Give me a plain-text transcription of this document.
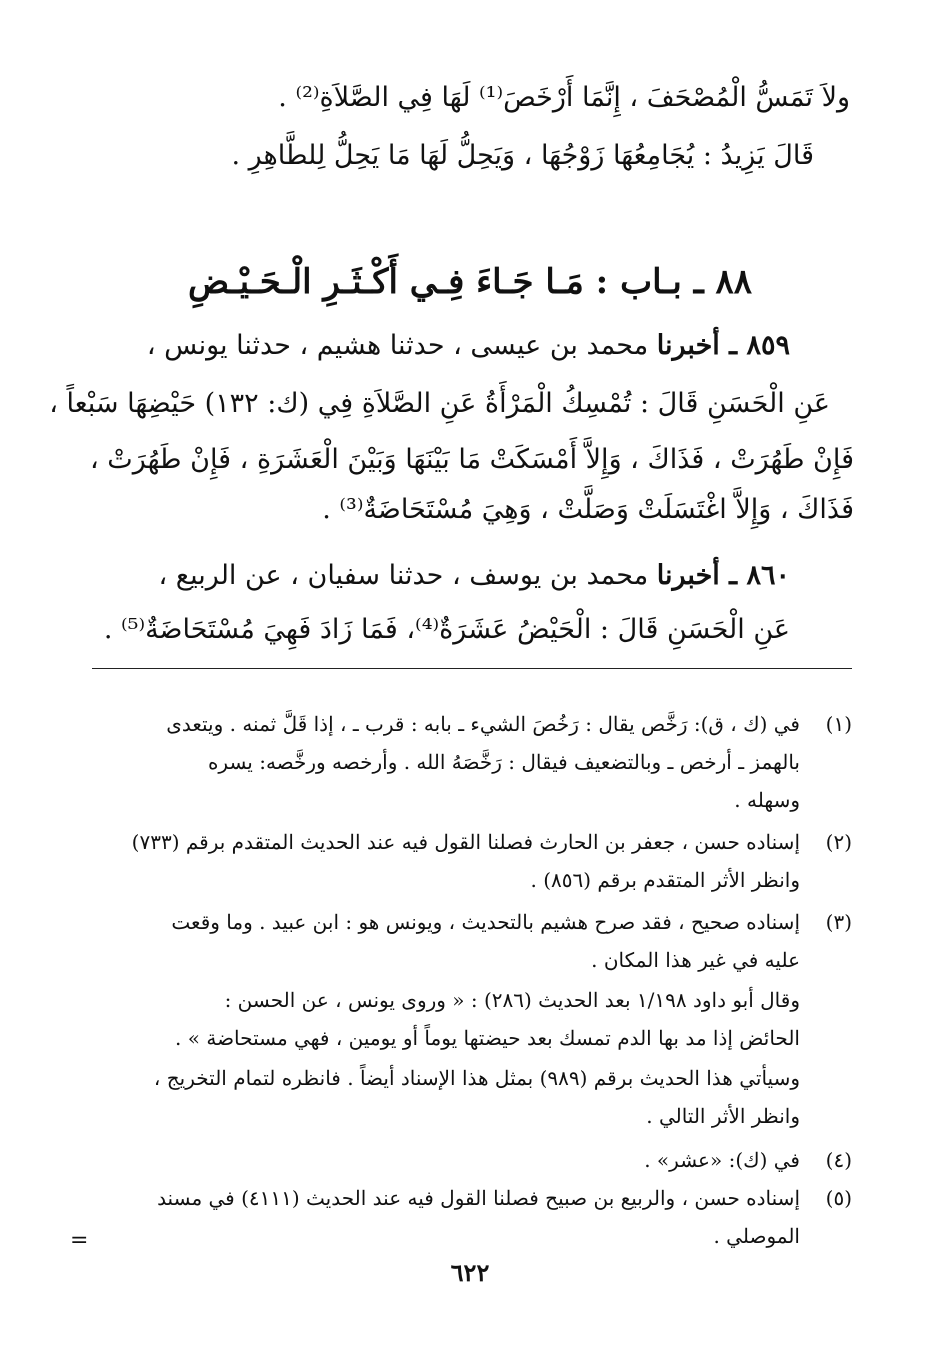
ولاَ تَمَسُّ الْمُصْحَفَ ، إِنَّمَا أَرْخَصَ⁽¹⁾ لَهَا فِي الصَّلاَةِ⁽²⁾ .
قَالَ يَزِيدُ : يُجَامِعُهَا زَوْجُهَا ، وَيَحِلُّ لَهَا مَا يَحِلُّ لِلطَّاهِرِ .
٨٨ ـ بـاب : مَـا جَـاءَ فِـي أَكْـثَـرِ الْـحَـيْـضِ
٨٥٩ ـ أخبرنا محمد بن عيسى ، حدثنا هشيم ، حدثنا يونس ،
عَنِ الْحَسَنِ قَالَ : تُمْسِكُ الْمَرْأَةُ عَنِ الصَّلاَةِ فِي (ك: ١٣٢) حَيْضِهَا سَبْعاً ،
فَإِنْ طَهُرَتْ ، فَذَاكَ ، وَإِلاَّ أَمْسَكَتْ مَا بَيْنَهَا وَبَيْنَ الْعَشَرَةِ ، فَإِنْ طَهُرَتْ ،
فَذَاكَ ، وَإِلاَّ اغْتَسَلَتْ وَصَلَّتْ ، وَهِيَ مُسْتَحَاضَةٌ⁽³⁾ .
٨٦٠ ـ أخبرنا محمد بن يوسف ، حدثنا سفيان ، عن الربيع ،
عَنِ الْحَسَنِ قَالَ : الْحَيْضُ عَشَرَةٌ⁽⁴⁾، فَمَا زَادَ فَهِيَ مُسْتَحَاضَةٌ⁽⁵⁾ .
(١)
في (ك ، ق): رَخَّص يقال : رَخُصَ الشيء ـ بابه : قرب ـ ، إذا قَلَّ ثمنه . ويتعدى
بالهمز ـ أرخص ـ وبالتضعيف فيقال : رَخَّصَهُ الله . وأرخصه ورخَّصه: يسره
وسهله .
(٢)
إسناده حسن ، جعفر بن الحارث فصلنا القول فيه عند الحديث المتقدم برقم (٧٣٣)
وانظر الأثر المتقدم برقم (٨٥٦) .
(٣)
إسناده صحيح ، فقد صرح هشيم بالتحديث ، ويونس هو : ابن عبيد . وما وقعت
عليه في غير هذا المكان .
وقال أبو داود ١/١٩٨ بعد الحديث (٢٨٦) : « وروى يونس ، عن الحسن :
الحائض إذا مد بها الدم تمسك بعد حيضتها يوماً أو يومين ، فهي مستحاضة » .
وسيأتي هذا الحديث برقم (٩٨٩) بمثل هذا الإسناد أيضاً . فانظره لتمام التخريج ،
وانظر الأثر التالي .
(٤)
في (ك): «عشر» .
(٥)
إسناده حسن ، والربيع بن صبيح فصلنا القول فيه عند الحديث (٤١١١) في مسند
الموصلي .
=
٦٢٢
